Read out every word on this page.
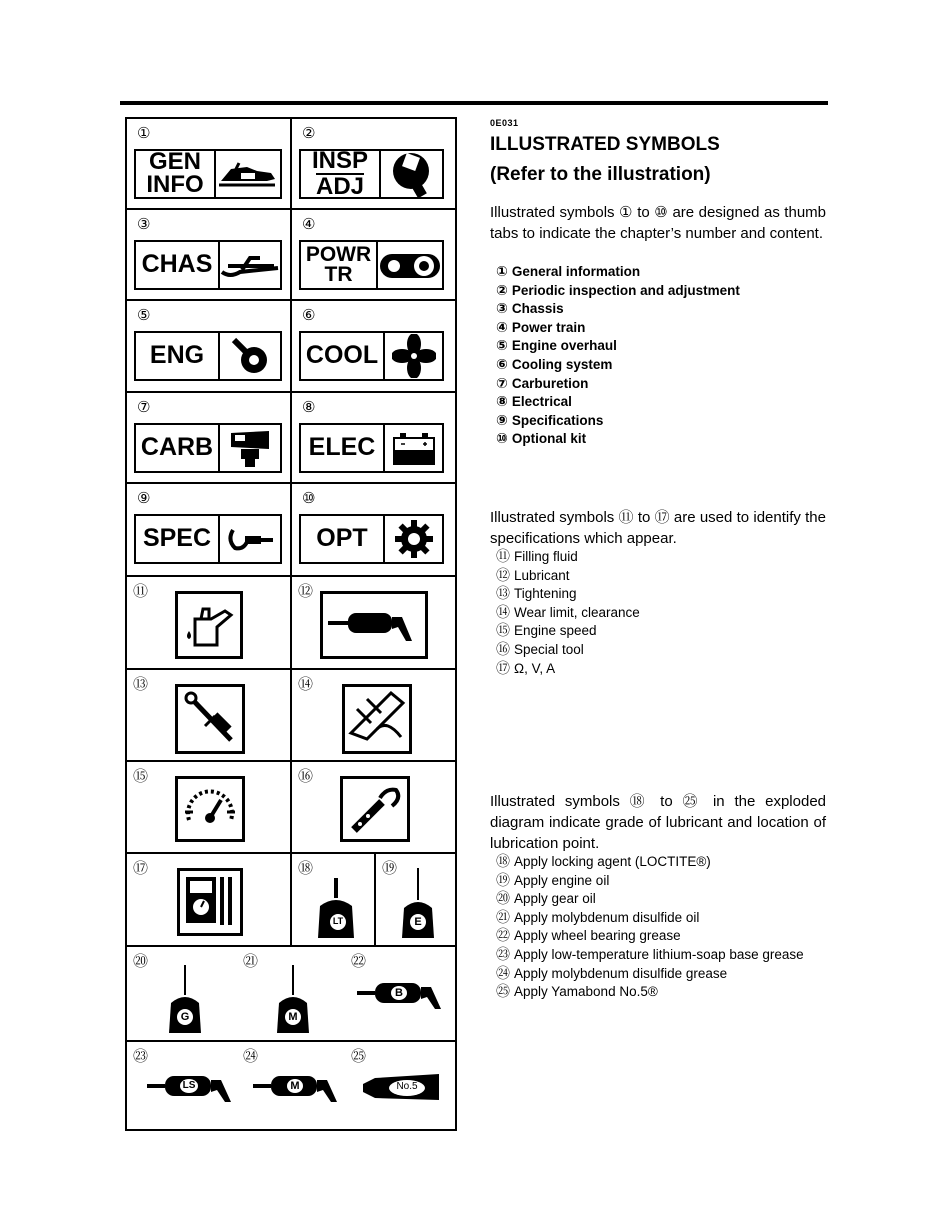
①
GEN
INFO
②
INSP
ADJ
③
CHAS
④
POWR
TR
⑤
ENG
⑥
COOL
⑦
CARB
⑧
ELEC
⑨
SPEC
⑩
OPT
⑪	⑫
⑬	⑭
⑮	⑯
⑰	⑱
LT
⑲
E
⑳	㉑	㉒
G	M
B
㉓	㉔	㉕
LS	M	No.5
0E031
ILLUSTRATED SYMBOLS
(Refer to the illustration)
Illustrated symbols ① to ⑩ are designed as thumb tabs to indicate the chapter’s number and content.
① General information
② Periodic inspection and adjustment
③ Chassis
④ Power train
⑤ Engine overhaul
⑥ Cooling system
⑦ Carburetion
⑧ Electrical
⑨ Specifications
⑩ Optional kit
Illustrated symbols ⑪ to ⑰ are used to identify the specifications which appear.
⑪ Filling fluid
⑫ Lubricant
⑬ Tightening
⑭ Wear limit, clearance
⑮ Engine speed
⑯ Special tool
⑰ Ω, V, A
Illustrated symbols ⑱ to ㉕ in the exploded diagram indicate grade of lubricant and location of lubrication point.
⑱ Apply locking agent (LOCTITE®)
⑲ Apply engine oil
⑳ Apply gear oil
㉑ Apply molybdenum disulfide oil
㉒ Apply wheel bearing grease
㉓ Apply low-temperature lithium-soap base grease
㉔ Apply molybdenum disulfide grease
㉕ Apply Yamabond No.5®
